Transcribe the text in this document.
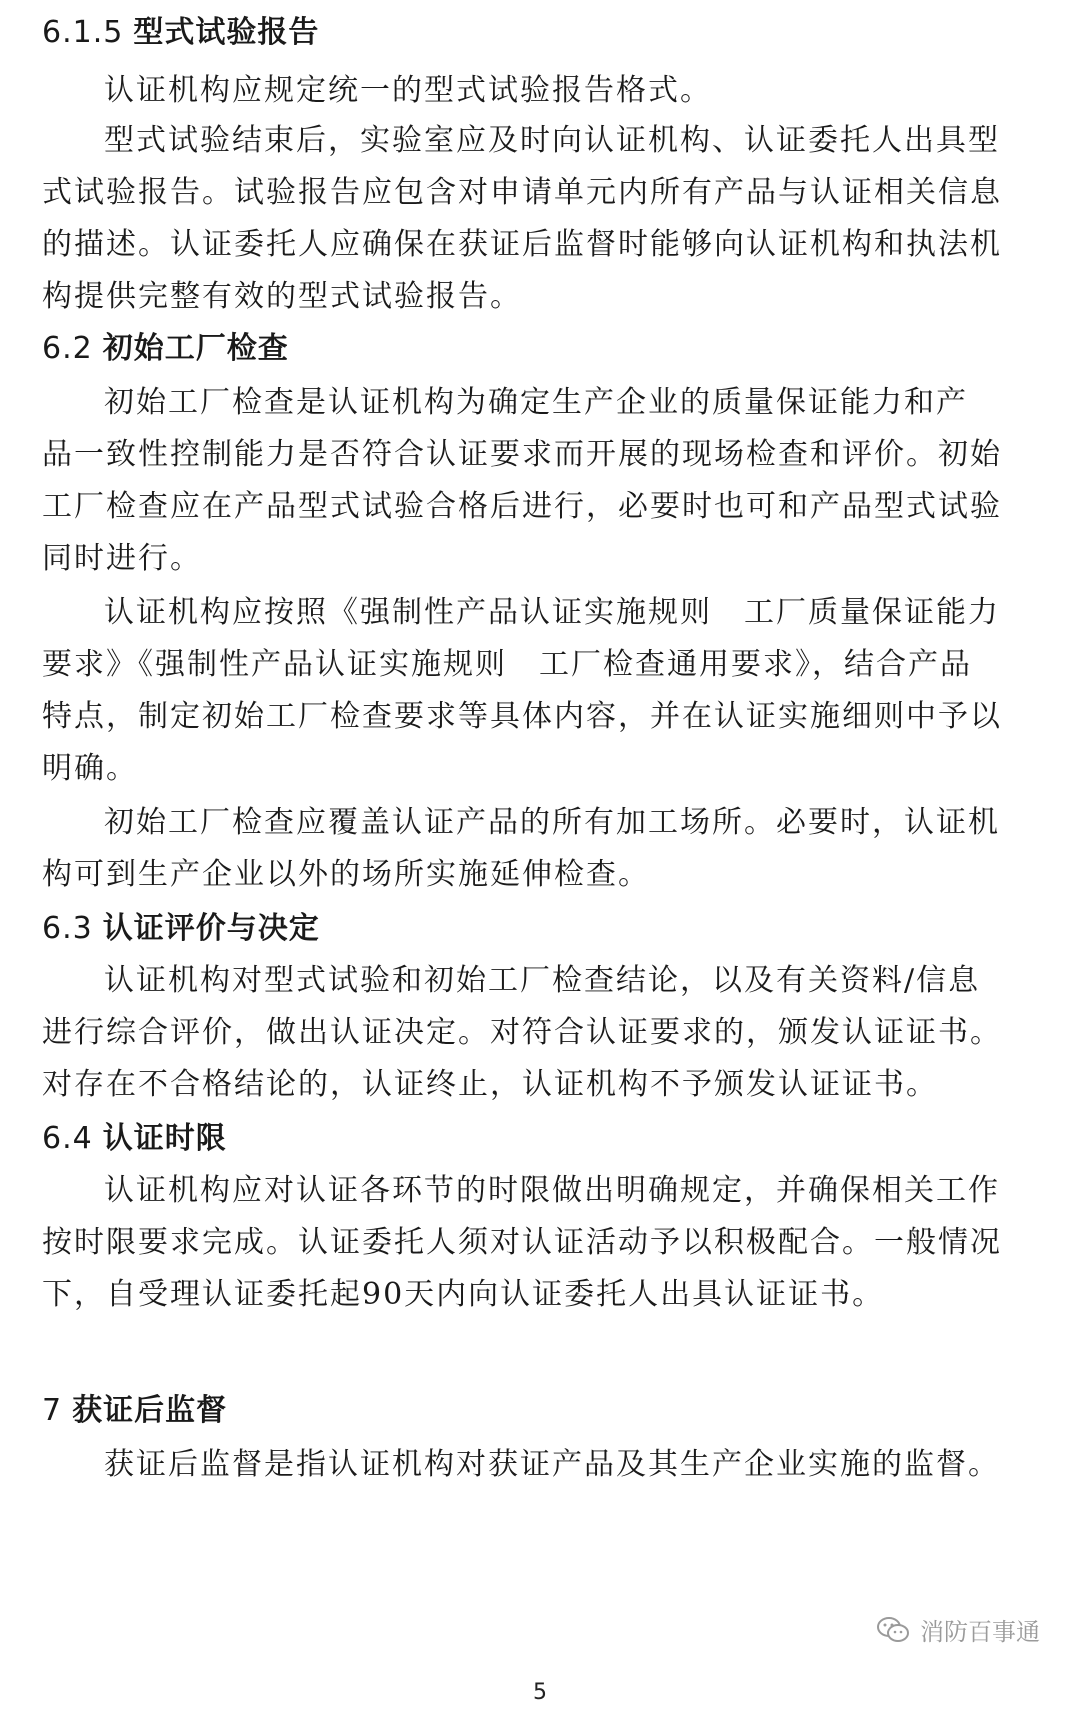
6.1.5 型式试验报告
认证机构应规定统一的型式试验报告格式。
型式试验结束后，实验室应及时向认证机构、认证委托人出具型
式试验报告。试验报告应包含对申请单元内所有产品与认证相关信息
的描述。认证委托人应确保在获证后监督时能够向认证机构和执法机
构提供完整有效的型式试验报告。
6.2 初始工厂检查
初始工厂检查是认证机构为确定生产企业的质量保证能力和产
品一致性控制能力是否符合认证要求而开展的现场检查和评价。初始
工厂检查应在产品型式试验合格后进行，必要时也可和产品型式试验
同时进行。
认证机构应按照《强制性产品认证实施规则　工厂质量保证能力
要求》《强制性产品认证实施规则　工厂检查通用要求》，结合产品
特点，制定初始工厂检查要求等具体内容，并在认证实施细则中予以
明确。
初始工厂检查应覆盖认证产品的所有加工场所。必要时，认证机
构可到生产企业以外的场所实施延伸检查。
6.3 认证评价与决定
认证机构对型式试验和初始工厂检查结论，以及有关资料/信息
进行综合评价，做出认证决定。对符合认证要求的，颁发认证证书。
对存在不合格结论的，认证终止，认证机构不予颁发认证证书。
6.4 认证时限
认证机构应对认证各环节的时限做出明确规定，并确保相关工作
按时限要求完成。认证委托人须对认证活动予以积极配合。一般情况
下，自受理认证委托起90天内向认证委托人出具认证证书。
7 获证后监督
获证后监督是指认证机构对获证产品及其生产企业实施的监督。
消防百事通
5
